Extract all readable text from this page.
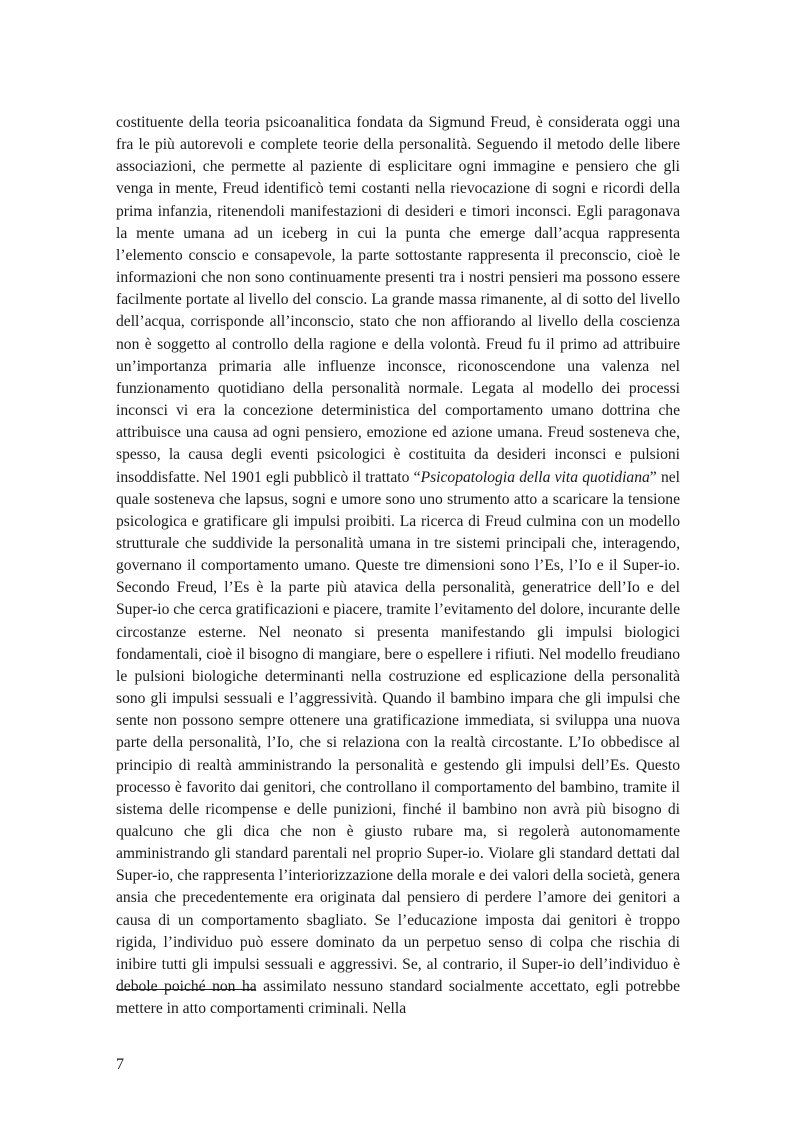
costituente della teoria psicoanalitica fondata da Sigmund Freud, è considerata oggi una fra le più autorevoli e complete teorie della personalità. Seguendo il metodo delle libere associazioni, che permette al paziente di esplicitare ogni immagine e pensiero che gli venga in mente, Freud identificò temi costanti nella rievocazione di sogni e ricordi della prima infanzia, ritenendoli manifestazioni di desideri e timori inconsci. Egli paragonava la mente umana ad un iceberg in cui la punta che emerge dall’acqua rappresenta l’elemento conscio e consapevole, la parte sottostante rappresenta il preconscio, cioè le informazioni che non sono continuamente presenti tra i nostri pensieri ma possono essere facilmente portate al livello del conscio. La grande massa rimanente, al di sotto del livello dell’acqua, corrisponde all’inconscio, stato che non affiorando al livello della coscienza non è soggetto al controllo della ragione e della volontà. Freud fu il primo ad attribuire un’importanza primaria alle influenze inconsce, riconoscendone una valenza nel funzionamento quotidiano della personalità normale. Legata al modello dei processi inconsci vi era la concezione deterministica del comportamento umano dottrina che attribuisce una causa ad ogni pensiero, emozione ed azione umana. Freud sosteneva che, spesso, la causa degli eventi psicologici è costituita da desideri inconsci e pulsioni insoddisfatte. Nel 1901 egli pubblicò il trattato “Psicopatologia della vita quotidiana” nel quale sosteneva che lapsus, sogni e umore sono uno strumento atto a scaricare la tensione psicologica e gratificare gli impulsi proibiti. La ricerca di Freud culmina con un modello strutturale che suddivide la personalità umana in tre sistemi principali che, interagendo, governano il comportamento umano. Queste tre dimensioni sono l’Es, l’Io e il Super-io. Secondo Freud, l’Es è la parte più atavica della personalità, generatrice dell’Io e del Super-io che cerca gratificazioni e piacere, tramite l’evitamento del dolore, incurante delle circostanze esterne. Nel neonato si presenta manifestando gli impulsi biologici fondamentali, cioè il bisogno di mangiare, bere o espellere i rifiuti. Nel modello freudiano le pulsioni biologiche determinanti nella costruzione ed esplicazione della personalità sono gli impulsi sessuali e l’aggressività. Quando il bambino impara che gli impulsi che sente non possono sempre ottenere una gratificazione immediata, si sviluppa una nuova parte della personalità, l’Io, che si relaziona con la realtà circostante. L’Io obbedisce al principio di realtà amministrando la personalità e gestendo gli impulsi dell’Es. Questo processo è favorito dai genitori, che controllano il comportamento del bambino, tramite il sistema delle ricompense e delle punizioni, finché il bambino non avrà più bisogno di qualcuno che gli dica che non è giusto rubare ma, si regolerà autonomamente amministrando gli standard parentali nel proprio Super-io. Violare gli standard dettati dal Super-io, che rappresenta l’interiorizzazione della morale e dei valori della società, genera ansia che precedentemente era originata dal pensiero di perdere l’amore dei genitori a causa di un comportamento sbagliato. Se l’educazione imposta dai genitori è troppo rigida, l’individuo può essere dominato da un perpetuo senso di colpa che rischia di inibire tutti gli impulsi sessuali e aggressivi. Se, al contrario, il Super-io dell’individuo è debole poiché non ha assimilato nessuno standard socialmente accettato, egli potrebbe mettere in atto comportamenti criminali. Nella

7
